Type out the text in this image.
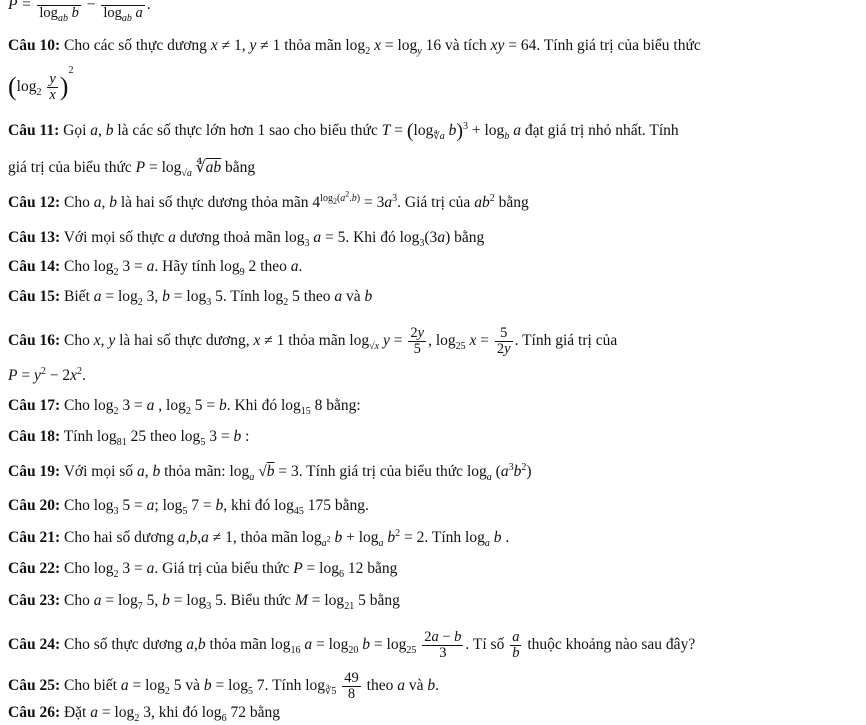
P =
$\log_{ab} b$ −
$\log_{ab} a$ .
Câu 10: Cho các số thực dương x ≠ 1, y ≠ 1 thỏa mãn $\log_2 x = \log_y 16$ và tích xy = 64. Tính giá trị của biểu thức
$(\log_2 \frac{y}{x} )^2$
Câu 11: Gọi a, b là các số thực lớn hơn 1 sao cho biểu thức $T = (\log_{∜a}$ $b)^3 + \log_b a$ đạt giá trị nhỏ nhất. Tính
giá trị của biểu thức $P = \log_{√a}$ $∜\overline{ab}$ bằng
Câu 12: Cho a, b là hai số thực dương thỏa mãn $4^{log_2(a^2.b)} = 3a^3$. Giá trị của $ab^2$ bằng
Câu 13: Với mọi số thực a dương thoả mãn $\log_3 a = 5$. Khi đó $\log_3(3a)$ bằng
Câu 14: Cho $\log_2 3 = a$. Hãy tính $\log_9 2$ theo a.
Câu 15: Biết $a = \log_2 3$, $b = \log_3 5$. Tính $\log_2 5$ theo a và b
Câu 16: Cho x, y là hai số thực dương, x ≠ 1 thỏa mãn $\log_{√x} y = \frac{2y}{5}$ , $\log_{25} x = \frac{5}{2y}$ . Tính giá trị của
$P = y^2 - 2x^2$.
Câu 17: Cho $\log_2 3 = a$ , $\log_2 5 = b$. Khi đó $\log_{15} 8$ bằng:
Câu 18: Tính $\log_{81} 25$ theo $\log_5 3 = b$ :
Câu 19: Với mọi số a, b thỏa mãn: $\log_a √b = 3$. Tính giá trị của biểu thức $\log_a (a^3b^2)$
Câu 20: Cho $\log_3 5 = a$; $\log_5 7 = b$, khi đó $\log_{45} 175$ bằng.
Câu 21: Cho hai số dương a,b,a ≠ 1, thỏa mãn $\log_{a^2} b + \log_a b^2 = 2$. Tính $\log_a b$ .
Câu 22: Cho $\log_2 3 = a$. Giá trị của biểu thức $P = \log_6 12$ bằng
Câu 23: Cho $a = \log_7 5$, $b = \log_3 5$. Biểu thức $M = \log_{21} 5$ bằng
Câu 24: Cho số thực dương a,b thỏa mãn $\log_{16} a = \log_{20} b = \log_{25} \frac{2a - b}{3}$ . Tỉ số $\frac{a}{b}$ thuộc khoảng nào sau đây?
Câu 25: Cho biết $a = \log_2 5$ và $b = \log_5 7$. Tính $\log_{∛5} \frac{49}{8}$ theo a và b.
Câu 26: Đặt $a = \log_2 3$, khi đó $\log_6 72$ bằng
